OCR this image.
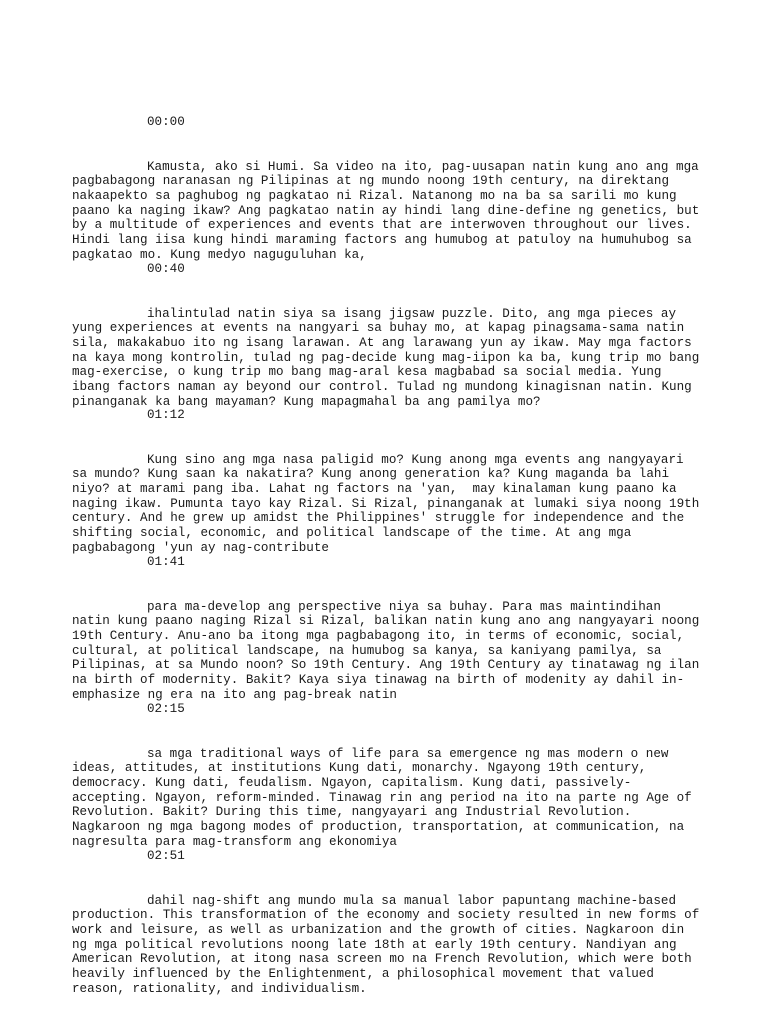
00:00

Kamusta, ako si Humi. Sa video na ito, pag-uusapan natin kung ano ang mga
pagbabagong naranasan ng Pilipinas at ng mundo noong 19th century, na direktang
nakaapekto sa paghubog ng pagkatao ni Rizal. Natanong mo na ba sa sarili mo kung
paano ka naging ikaw? Ang pagkatao natin ay hindi lang dine-define ng genetics, but
by a multitude of experiences and events that are interwoven throughout our lives.
Hindi lang iisa kung hindi maraming factors ang humubog at patuloy na humuhubog sa
pagkatao mo. Kung medyo naguguluhan ka,

00:40

ihalintulad natin siya sa isang jigsaw puzzle. Dito, ang mga pieces ay
yung experiences at events na nangyari sa buhay mo, at kapag pinagsama-sama natin
sila, makakabuo ito ng isang larawan. At ang larawang yun ay ikaw. May mga factors
na kaya mong kontrolin, tulad ng pag-decide kung mag-iipon ka ba, kung trip mo bang
mag-exercise, o kung trip mo bang mag-aral kesa magbabad sa social media. Yung
ibang factors naman ay beyond our control. Tulad ng mundong kinagisnan natin. Kung
pinanganak ka bang mayaman? Kung mapagmahal ba ang pamilya mo?

01:12

Kung sino ang mga nasa paligid mo? Kung anong mga events ang nangyayari
sa mundo? Kung saan ka nakatira? Kung anong generation ka? Kung maganda ba lahi
niyo? at marami pang iba. Lahat ng factors na 'yan,  may kinalaman kung paano ka
naging ikaw. Pumunta tayo kay Rizal. Si Rizal, pinanganak at lumaki siya noong 19th
century. And he grew up amidst the Philippines' struggle for independence and the
shifting social, economic, and political landscape of the time. At ang mga
pagbabagong 'yun ay nag-contribute

01:41

para ma-develop ang perspective niya sa buhay. Para mas maintindihan
natin kung paano naging Rizal si Rizal, balikan natin kung ano ang nangyayari noong
19th Century. Anu-ano ba itong mga pagbabagong ito, in terms of economic, social,
cultural, at political landscape, na humubog sa kanya, sa kaniyang pamilya, sa
Pilipinas, at sa Mundo noon? So 19th Century. Ang 19th Century ay tinatawag ng ilan
na birth of modernity. Bakit? Kaya siya tinawag na birth of modenity ay dahil in-
emphasize ng era na ito ang pag-break natin

02:15

sa mga traditional ways of life para sa emergence ng mas modern o new
ideas, attitudes, at institutions Kung dati, monarchy. Ngayong 19th century,
democracy. Kung dati, feudalism. Ngayon, capitalism. Kung dati, passively-
accepting. Ngayon, reform-minded. Tinawag rin ang period na ito na parte ng Age of
Revolution. Bakit? During this time, nangyayari ang Industrial Revolution.
Nagkaroon ng mga bagong modes of production, transportation, at communication, na
nagresulta para mag-transform ang ekonomiya

02:51

dahil nag-shift ang mundo mula sa manual labor papuntang machine-based
production. This transformation of the economy and society resulted in new forms of
work and leisure, as well as urbanization and the growth of cities. Nagkaroon din
ng mga political revolutions noong late 18th at early 19th century. Nandiyan ang
American Revolution, at itong nasa screen mo na French Revolution, which were both
heavily influenced by the Enlightenment, a philosophical movement that valued
reason, rationality, and individualism.
